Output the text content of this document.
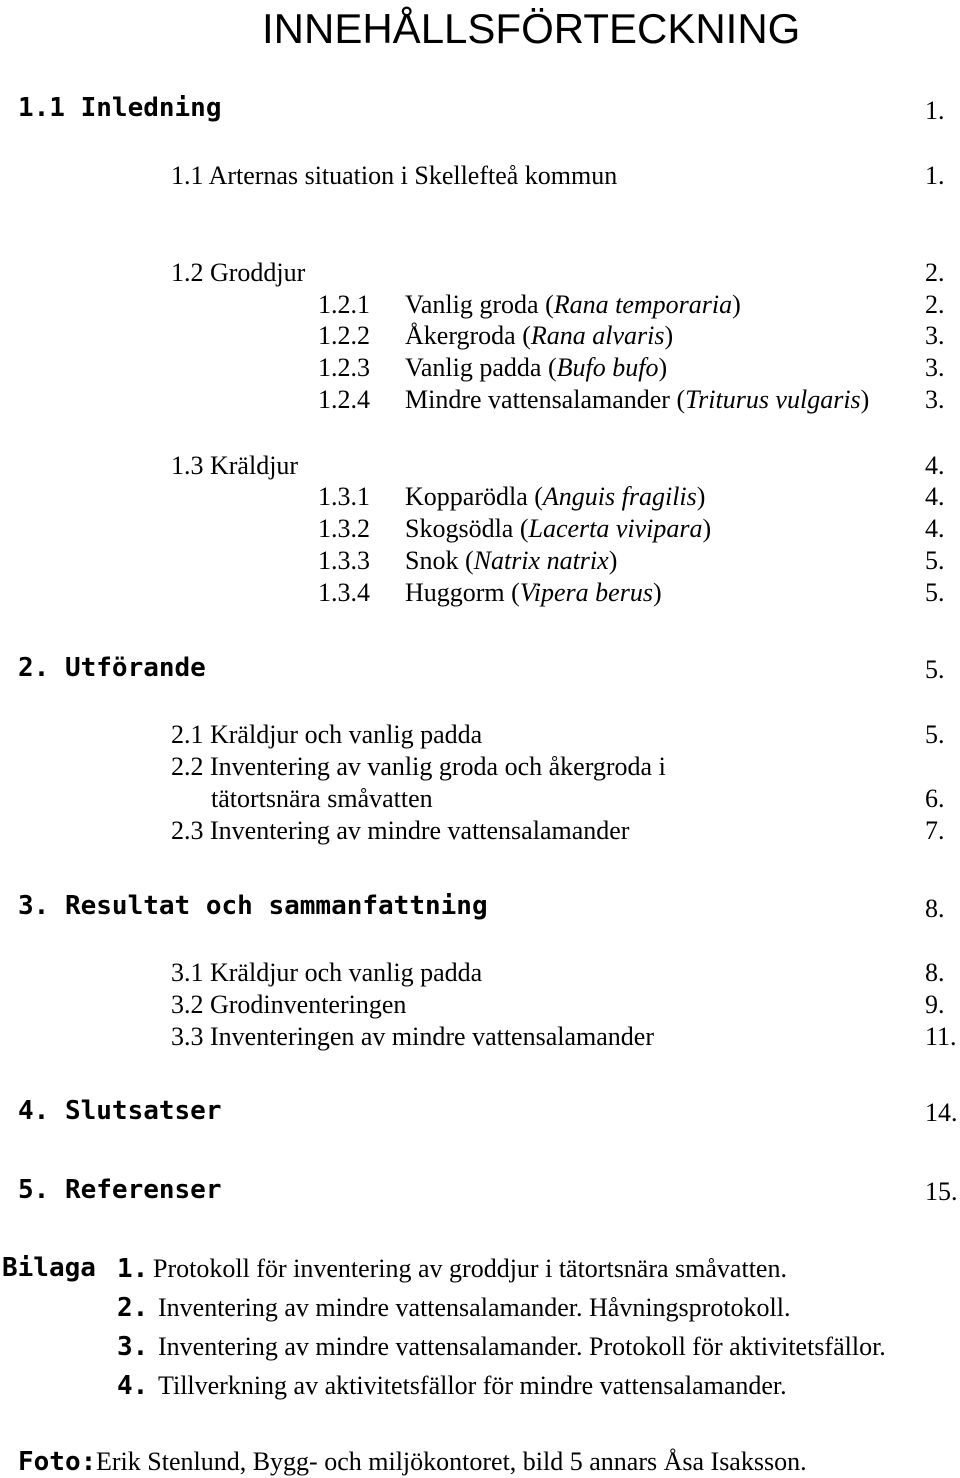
INNEHÅLLSFÖRTECKNING
1.1 Inledning	1.
1.1 Arternas situation i Skellefteå kommun	1.
1.2 Groddjur	2.
1.2.1 Vanlig groda (Rana temporaria)	2.
1.2.2 Åkergroda (Rana alvaris)	3.
1.2.3 Vanlig padda (Bufo bufo)	3.
1.2.4 Mindre vattensalamander (Triturus vulgaris) 3.
1.3 Kräldjur	4.
1.3.1 Kopparödla (Anguis fragilis)	4.
1.3.2 Skogsödla (Lacerta vivipara)	4.
1.3.3 Snok (Natrix natrix)	5.
1.3.4 Huggorm (Vipera berus)	5.
2. Utförande	5.
2.1 Kräldjur och vanlig padda	5.
2.2 Inventering av vanlig groda och åkergroda i
tätortsnära småvatten	6.
2.3 Inventering av mindre vattensalamander	7.
3. Resultat och sammanfattning	8.
3.1 Kräldjur och vanlig padda	8.
3.2 Grodinventeringen	9.
3.3 Inventeringen av mindre vattensalamander	11.
4. Slutsatser	14.
5. Referenser	15.
Bilaga 1. Protokoll för inventering av groddjur i tätortsnära småvatten.
2. Inventering av mindre vattensalamander. Håvningsprotokoll.
3. Inventering av mindre vattensalamander. Protokoll för aktivitetsfällor.
4. Tillverkning av aktivitetsfällor för mindre vattensalamander.
Foto: Erik Stenlund, Bygg- och miljökontoret, bild 5 annars Åsa Isaksson.
